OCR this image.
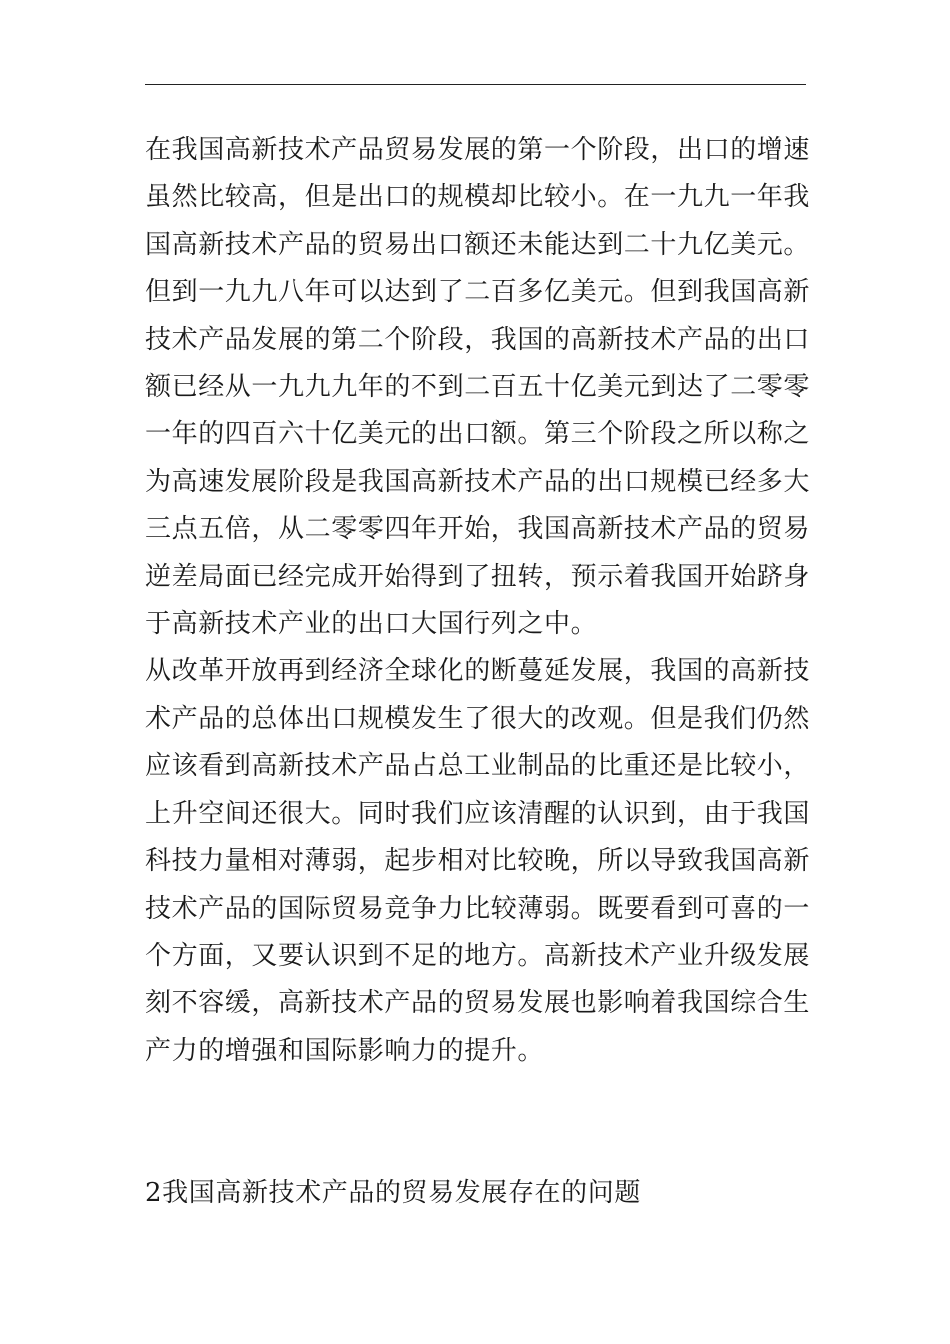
在我国高新技术产品贸易发展的第一个阶段，出口的增速虽然比较高，但是出口的规模却比较小。在一九九一年我国高新技术产品的贸易出口额还未能达到二十九亿美元。但到一九九八年可以达到了二百多亿美元。但到我国高新技术产品发展的第二个阶段，我国的高新技术产品的出口额已经从一九九九年的不到二百五十亿美元到达了二零零一年的四百六十亿美元的出口额。第三个阶段之所以称之为高速发展阶段是我国高新技术产品的出口规模已经多大三点五倍，从二零零四年开始，我国高新技术产品的贸易逆差局面已经完成开始得到了扭转，预示着我国开始跻身于高新技术产业的出口大国行列之中。

从改革开放再到经济全球化的断蔓延发展，我国的高新技术产品的总体出口规模发生了很大的改观。但是我们仍然应该看到高新技术产品占总工业制品的比重还是比较小，上升空间还很大。同时我们应该清醒的认识到，由于我国科技力量相对薄弱，起步相对比较晚，所以导致我国高新技术产品的国际贸易竞争力比较薄弱。既要看到可喜的一个方面，又要认识到不足的地方。高新技术产业升级发展刻不容缓，高新技术产品的贸易发展也影响着我国综合生产力的增强和国际影响力的提升。

2我国高新技术产品的贸易发展存在的问题
